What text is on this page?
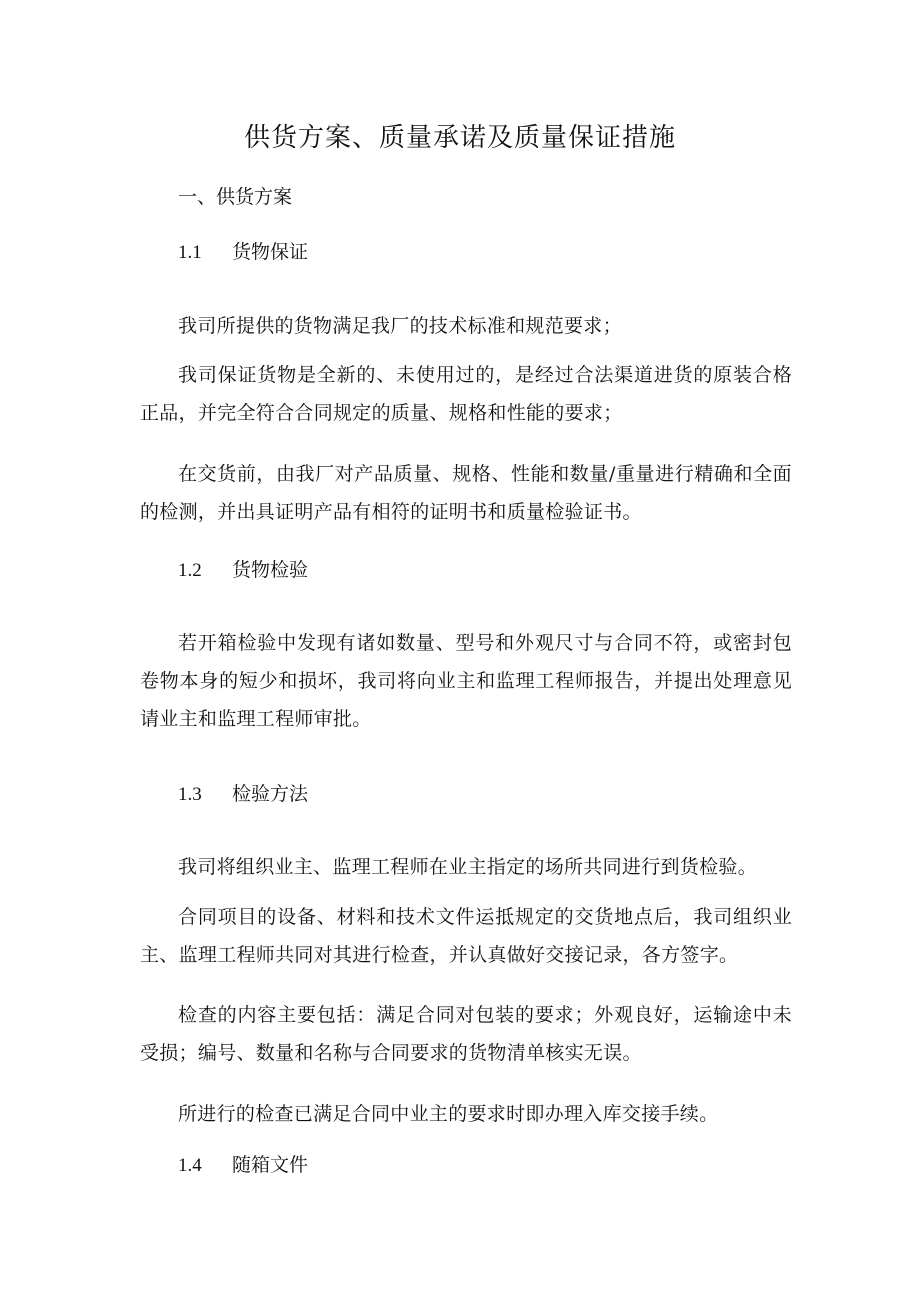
供货方案、质量承诺及质量保证措施
一、供货方案
1.1 货物保证

我司所提供的货物满足我厂的技术标准和规范要求；

我司保证货物是全新的、未使用过的，是经过合法渠道进货的原装合格正品，并完全符合合同规定的质量、规格和性能的要求；

在交货前，由我厂对产品质量、规格、性能和数量/重量进行精确和全面的检测，并出具证明产品有相符的证明书和质量检验证书。

1.2 货物检验

若开箱检验中发现有诸如数量、型号和外观尺寸与合同不符，或密封包卷物本身的短少和损坏，我司将向业主和监理工程师报告，并提出处理意见请业主和监理工程师审批。

1.3 检验方法

我司将组织业主、监理工程师在业主指定的场所共同进行到货检验。

合同项目的设备、材料和技术文件运抵规定的交货地点后，我司组织业主、监理工程师共同对其进行检查，并认真做好交接记录，各方签字。

检查的内容主要包括：满足合同对包装的要求；外观良好，运输途中未受损；编号、数量和名称与合同要求的货物清单核实无误。

所进行的检查已满足合同中业主的要求时即办理入库交接手续。

1.4 随箱文件
